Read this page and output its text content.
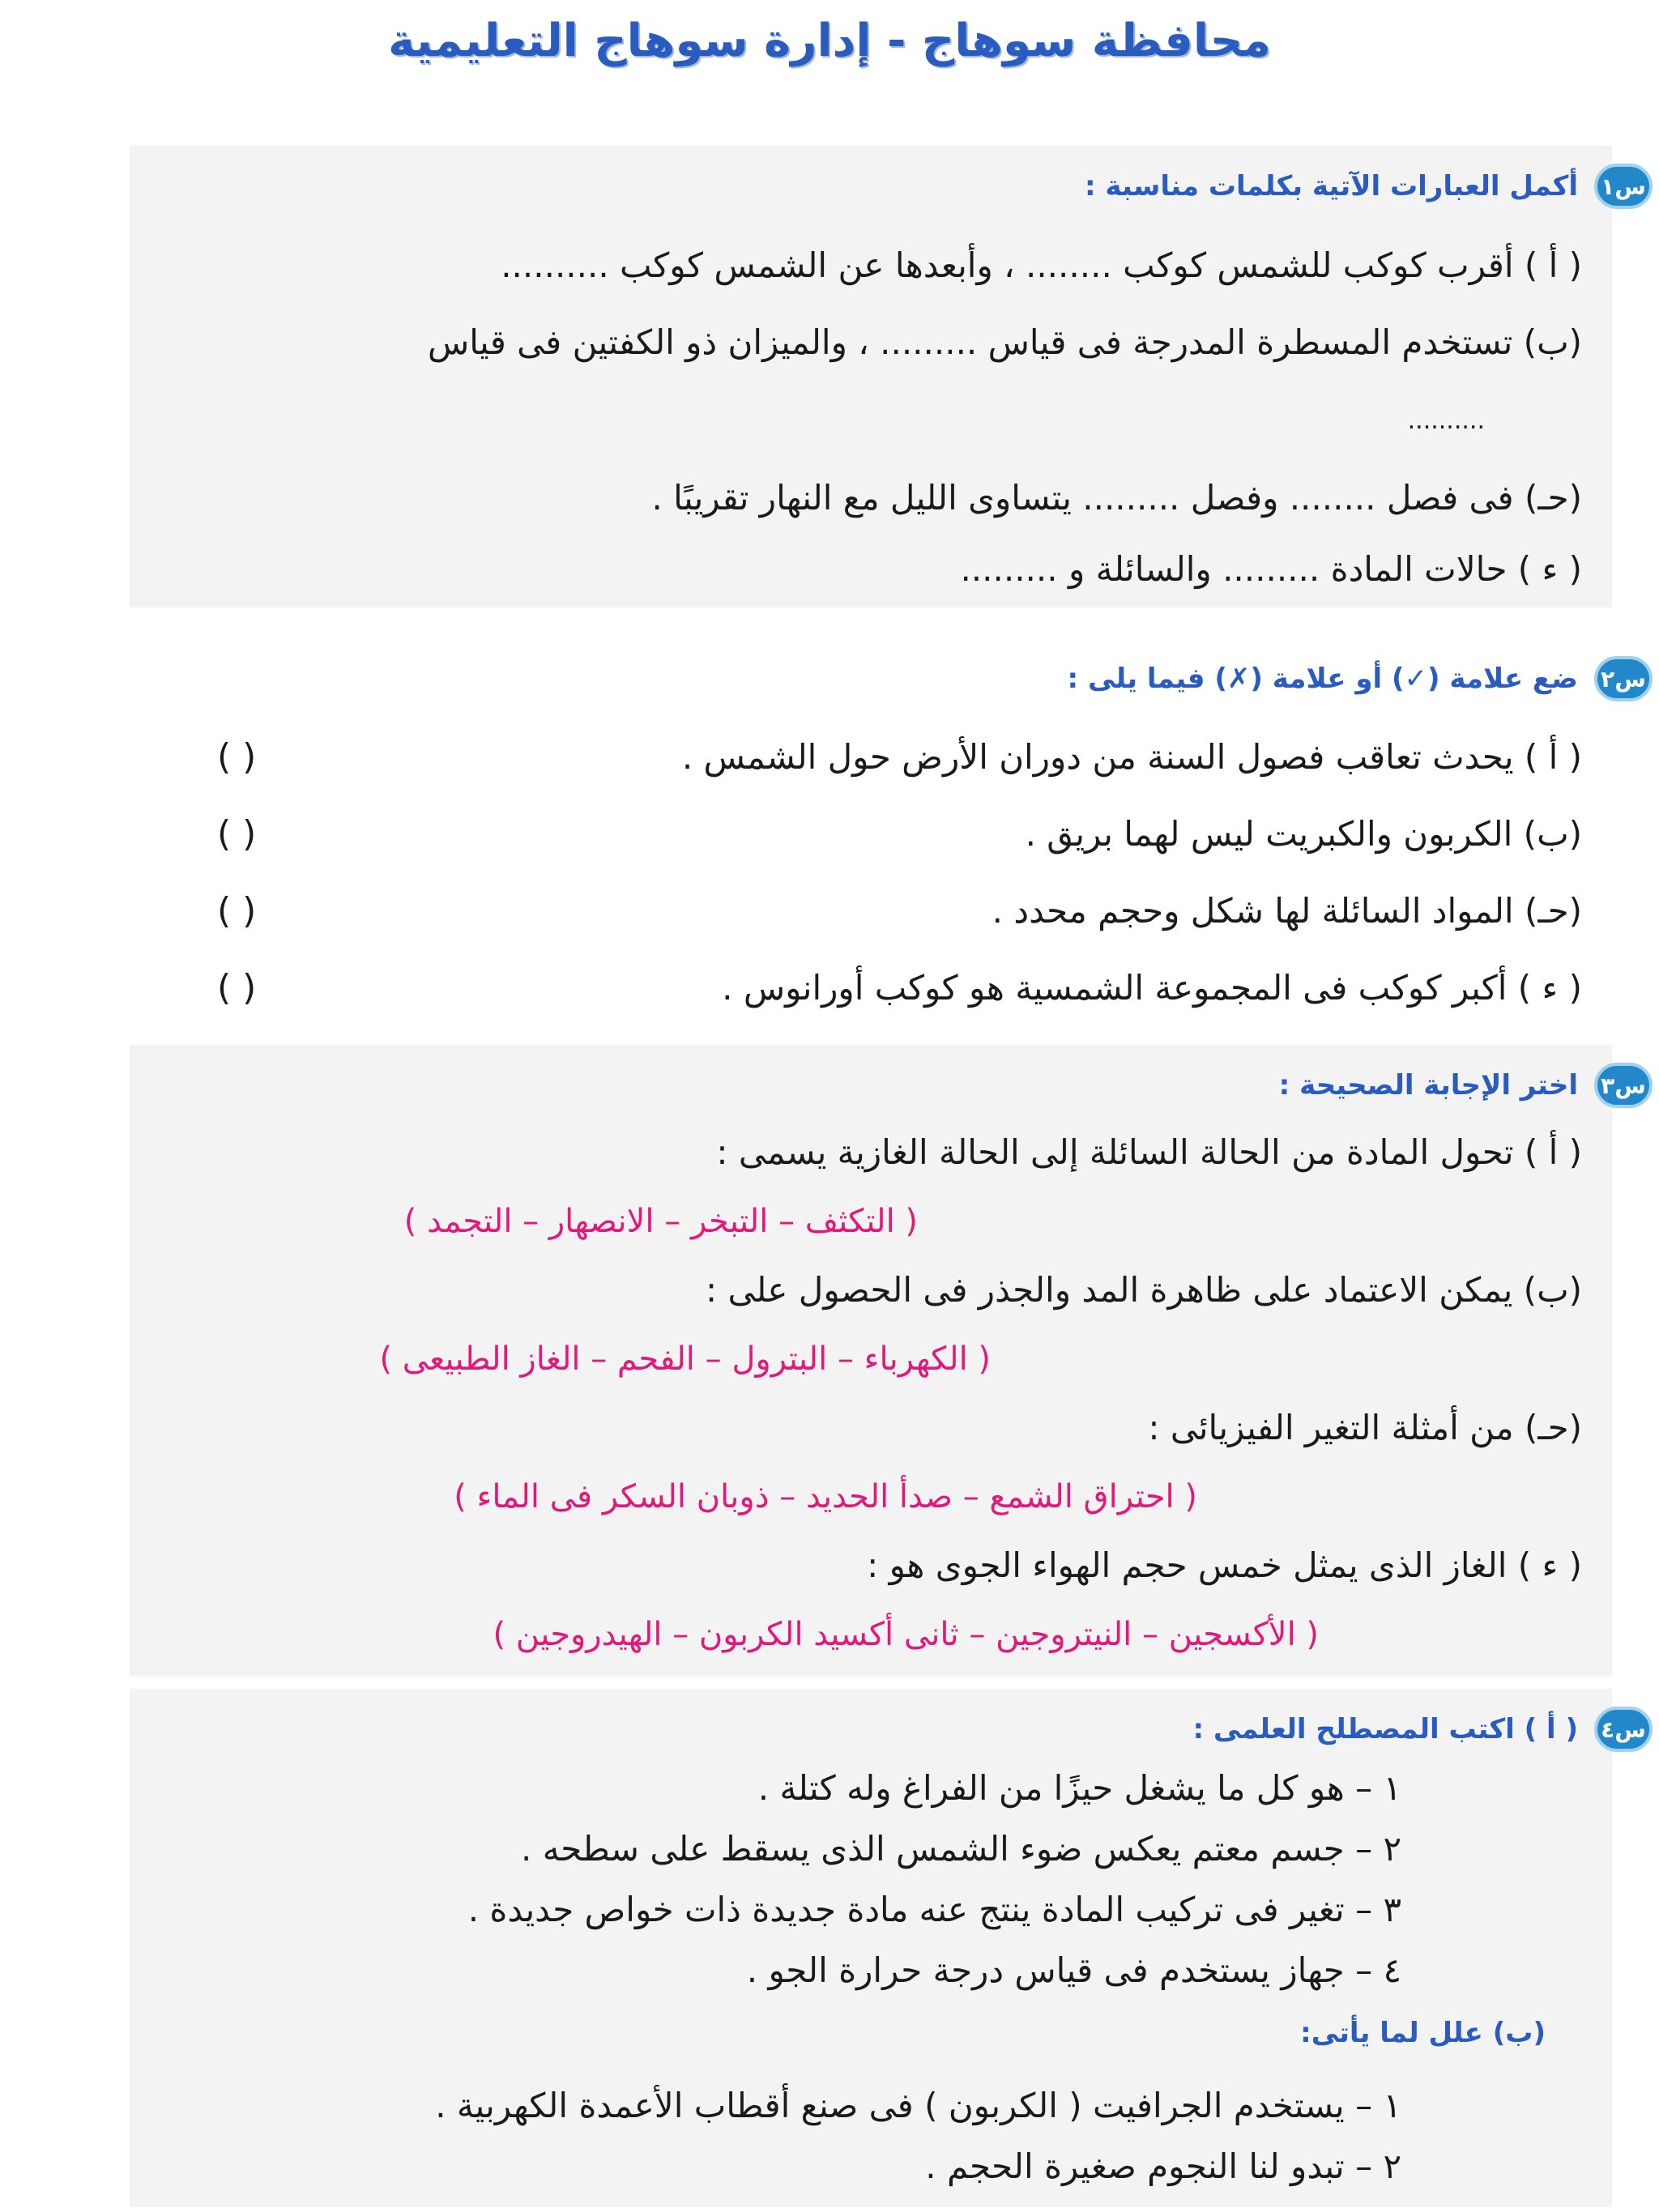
محافظة سوهاج - إدارة سوهاج التعليمية
س١
أكمل العبارات الآتية بكلمات مناسبة :
( أ ) أقرب كوكب للشمس كوكب ........ ، وأبعدها عن الشمس كوكب ..........
(ب) تستخدم المسطرة المدرجة فى قياس ......... ، والميزان ذو الكفتين فى قياس
..........
(حـ) فى فصل ........ وفصل ......... يتساوى الليل مع النهار تقريبًا .
( ء ) حالات المادة ......... والسائلة و .........
س٢
ضع علامة (✓) أو علامة (✗) فيما يلى :
( أ ) يحدث تعاقب فصول السنة من دوران الأرض حول الشمس .
( )
(ب) الكربون والكبريت ليس لهما بريق .
( )
(حـ) المواد السائلة لها شكل وحجم محدد .
( )
( ء ) أكبر كوكب فى المجموعة الشمسية هو كوكب أورانوس .
( )
س٣
اختر الإجابة الصحيحة :
( أ ) تحول المادة من الحالة السائلة إلى الحالة الغازية يسمى :
( التكثف – التبخر – الانصهار – التجمد )
(ب) يمكن الاعتماد على ظاهرة المد والجذر فى الحصول على :
( الكهرباء – البترول – الفحم – الغاز الطبيعى )
(حـ) من أمثلة التغير الفيزيائى :
( احتراق الشمع – صدأ الحديد – ذوبان السكر فى الماء )
( ء ) الغاز الذى يمثل خمس حجم الهواء الجوى هو :
( الأكسجين – النيتروجين – ثانى أكسيد الكربون – الهيدروجين )
س٤
( أ ) اكتب المصطلح العلمى :
١ – هو كل ما يشغل حيزًا من الفراغ وله كتلة .
٢ – جسم معتم يعكس ضوء الشمس الذى يسقط على سطحه .
٣ – تغير فى تركيب المادة ينتج عنه مادة جديدة ذات خواص جديدة .
٤ – جهاز يستخدم فى قياس درجة حرارة الجو .
(ب) علل لما يأتى:
١ – يستخدم الجرافيت ( الكربون ) فى صنع أقطاب الأعمدة الكهربية .
٢ – تبدو لنا النجوم صغيرة الحجم .
